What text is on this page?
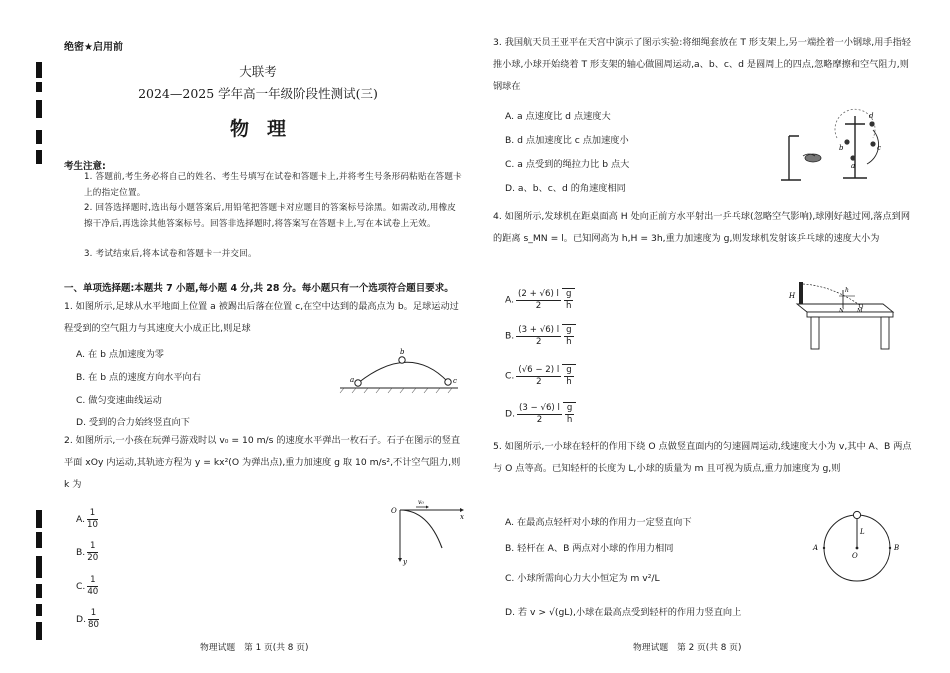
绝密★启用前
大联考
2024—2025 学年高一年级阶段性测试(三)
物理
考生注意:
1. 答题前,考生务必将自己的姓名、考生号填写在试卷和答题卡上,并将考生号条形码粘贴在答题卡上的指定位置。
2. 回答选择题时,选出每小题答案后,用铅笔把答题卡对应题目的答案标号涂黑。如需改动,用橡皮擦干净后,再选涂其他答案标号。回答非选择题时,将答案写在答题卡上,写在本试卷上无效。
3. 考试结束后,将本试卷和答题卡一并交回。
一、单项选择题:本题共 7 小题,每小题 4 分,共 28 分。每小题只有一个选项符合题目要求。
1. 如图所示,足球从水平地面上位置 a 被踢出后落在位置 c,在空中达到的最高点为 b。足球运动过程受到的空气阻力与其速度大小成正比,则足球
A. 在 b 点加速度为零
B. 在 b 点的速度方向水平向右
C. 做匀变速曲线运动
D. 受到的合力始终竖直向下
a
b
c
2. 如图所示,一小孩在玩弹弓游戏时以 v₀ = 10 m/s 的速度水平弹出一枚石子。石子在图示的竖直平面 xOy 内运动,其轨迹方程为 y = kx²(O 为弹出点),重力加速度 g 取 10 m/s²,不计空气阻力,则 k 为
A. $\frac{1}{10}$
B. $\frac{1}{20}$
C. $\frac{1}{40}$
D. $\frac{1}{80}$
O
v₀
x
y
物理试题　第 1 页(共 8 页)
3. 我国航天员王亚平在天宫中演示了图示实验:将细绳套放在 T 形支架上,另一端拴着一小钢球,用手指轻推小球,小球开始绕着 T 形支架的轴心做圆周运动,a、b、c、d 是圆周上的四点,忽略摩擦和空气阻力,则钢球在
A. a 点速度比 d 点速度大
B. d 点加速度比 c 点加速度小
C. a 点受到的绳拉力比 b 点大
D. a、b、c、d 的角速度相同
a
b	c
d
4. 如图所示,发球机在距桌面高 H 处向正前方水平射出一乒乓球(忽略空气影响),球刚好越过网,落点到网的距离 s_MN = l。已知网高为 h,H = 3h,重力加速度为 g,则发球机发射该乒乓球的速度大小为
A. $\frac{(2 + √6) l}{2} \frac{g}{h}$
B. $\frac{(3 + √6) l}{2} \frac{g}{h}$
C. $\frac{(√6 - 2) l}{2} \frac{g}{h}$
D. $\frac{(3 - √6) l}{2} \frac{g}{h}$
H
h
N M
5. 如图所示,一小球在轻杆的作用下绕 O 点做竖直面内的匀速圆周运动,线速度大小为 v,其中 A、B 两点与 O 点等高。已知轻杆的长度为 L,小球的质量为 m 且可视为质点,重力加速度为 g,则
A. 在最高点轻杆对小球的作用力一定竖直向下
B. 轻杆在 A、B 两点对小球的作用力相同
C. 小球所需向心力大小恒定为 m v²/L
D. 若 v > √(gL),小球在最高点受到轻杆的作用力竖直向上
A	B
O
L
物理试题　第 2 页(共 8 页)
